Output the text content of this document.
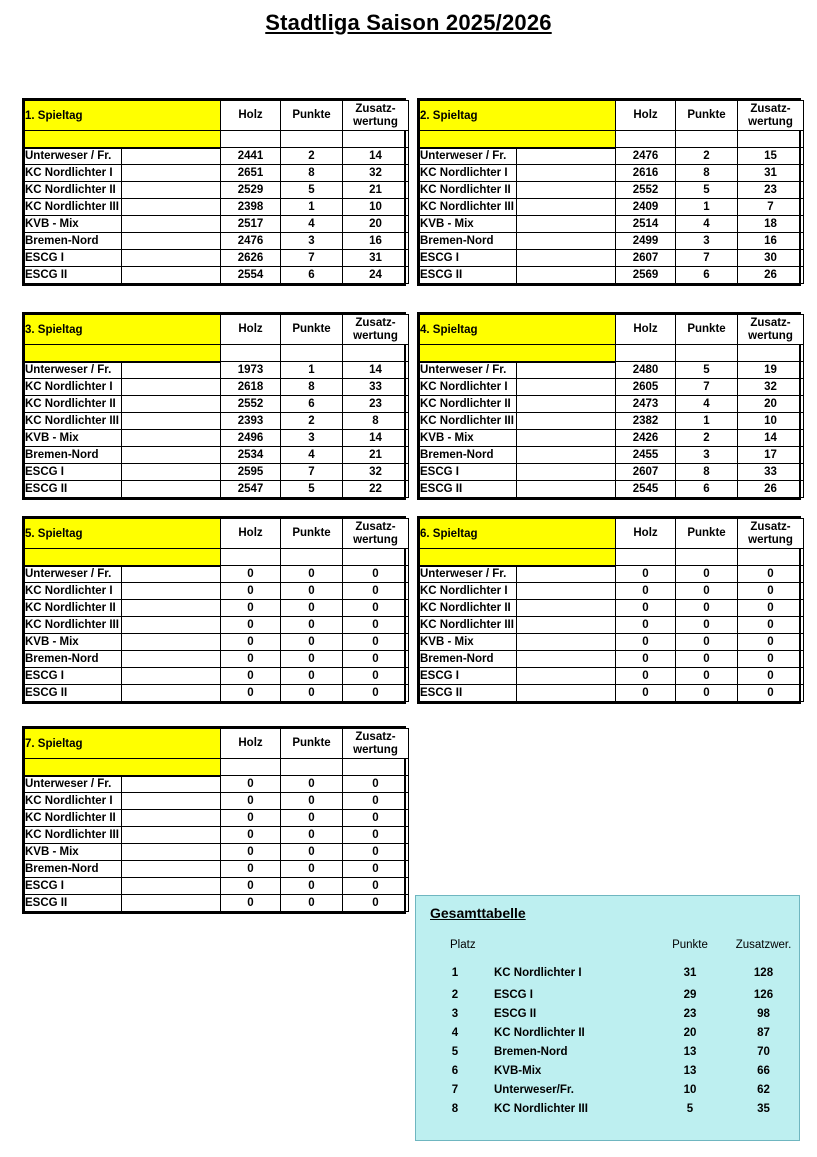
Stadtliga Saison 2025/2026
1. Spieltag	Holz	Punkte	Zusatz-
wertung

Unterweser / Fr.	2441	2	14
KC Nordlichter I	2651	8	32
KC Nordlichter II	2529	5	21
KC Nordlichter III	2398	1	10
KVB - Mix	2517	4	20
Bremen-Nord	2476	3	16
ESCG I	2626	7	31
ESCG II	2554	6	24
2. Spieltag	Holz	Punkte	Zusatz-
wertung

Unterweser / Fr.	2476	2	15
KC Nordlichter I	2616	8	31
KC Nordlichter II	2552	5	23
KC Nordlichter III	2409	1	7
KVB - Mix	2514	4	18
Bremen-Nord	2499	3	16
ESCG I	2607	7	30
ESCG II	2569	6	26
3. Spieltag	Holz	Punkte	Zusatz-
wertung

Unterweser / Fr.	1973	1	14
KC Nordlichter I	2618	8	33
KC Nordlichter II	2552	6	23
KC Nordlichter III	2393	2	8
KVB - Mix	2496	3	14
Bremen-Nord	2534	4	21
ESCG I	2595	7	32
ESCG II	2547	5	22
4. Spieltag	Holz	Punkte	Zusatz-
wertung

Unterweser / Fr.	2480	5	19
KC Nordlichter I	2605	7	32
KC Nordlichter II	2473	4	20
KC Nordlichter III	2382	1	10
KVB - Mix	2426	2	14
Bremen-Nord	2455	3	17
ESCG I	2607	8	33
ESCG II	2545	6	26
5. Spieltag	Holz	Punkte	Zusatz-
wertung

Unterweser / Fr.	0	0	0
KC Nordlichter I	0	0	0
KC Nordlichter II	0	0	0
KC Nordlichter III	0	0	0
KVB - Mix	0	0	0
Bremen-Nord	0	0	0
ESCG I	0	0	0
ESCG II	0	0	0
6. Spieltag	Holz	Punkte	Zusatz-
wertung

Unterweser / Fr.	0	0	0
KC Nordlichter I	0	0	0
KC Nordlichter II	0	0	0
KC Nordlichter III	0	0	0
KVB - Mix	0	0	0
Bremen-Nord	0	0	0
ESCG I	0	0	0
ESCG II	0	0	0
7. Spieltag	Holz	Punkte	Zusatz-
wertung

Unterweser / Fr.	0	0	0
KC Nordlichter I	0	0	0
KC Nordlichter II	0	0	0
KC Nordlichter III	0	0	0
KVB - Mix	0	0	0
Bremen-Nord	0	0	0
ESCG I	0	0	0
ESCG II	0	0	0
Gesamttabelle
Platz		Punkte	Zusatzwer.
1	KC Nordlichter I	31	128
2	ESCG I	29	126
3	ESCG II	23	98
4	KC Nordlichter II	20	87
5	Bremen-Nord	13	70
6	KVB-Mix	13	66
7	Unterweser/Fr.	10	62
8	KC Nordlichter III	5	35
